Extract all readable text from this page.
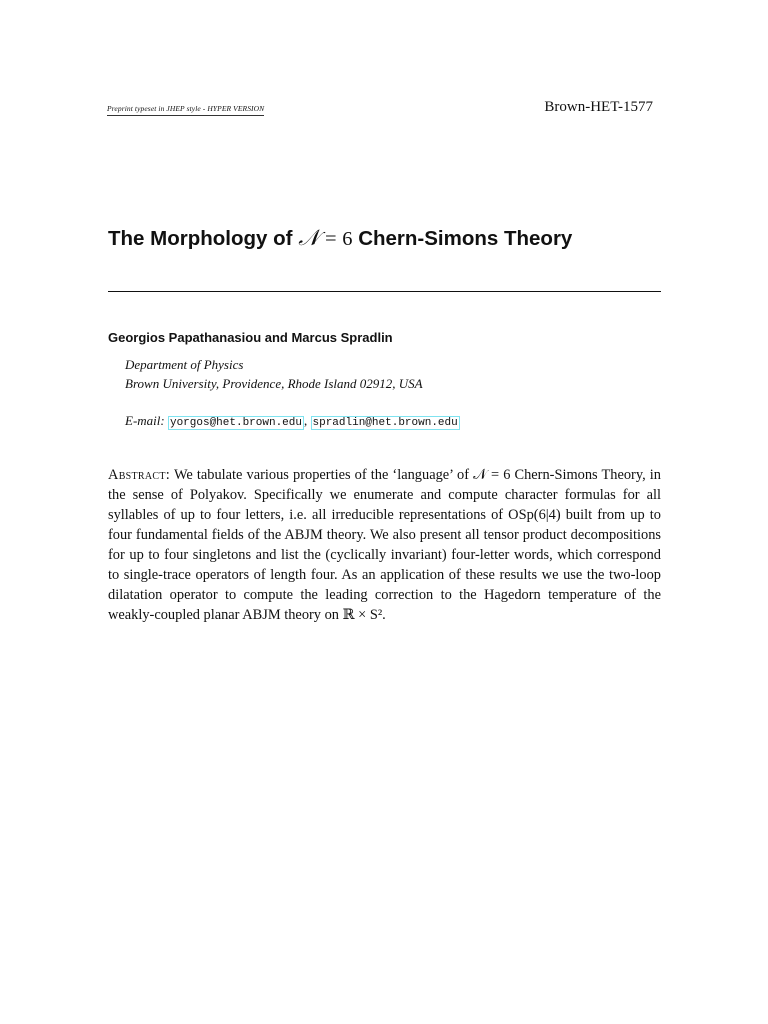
Preprint typeset in JHEP style - HYPER VERSION	Brown-HET-1577
The Morphology of 𝒩 = 6 Chern-Simons Theory
Georgios Papathanasiou and Marcus Spradlin
Department of Physics
Brown University, Providence, Rhode Island 02912, USA
E-mail: yorgos@het.brown.edu , spradlin@het.brown.edu

Abstract: We tabulate various properties of the ‘language’ of 𝒩 = 6 Chern-Simons Theory, in the sense of Polyakov. Specifically we enumerate and compute character formulas for all syllables of up to four letters, i.e. all irreducible representations of OSp(6|4) built from up to four fundamental fields of the ABJM theory. We also present all tensor product decompositions for up to four singletons and list the (cyclically invariant) four-letter words, which correspond to single-trace operators of length four. As an application of these results we use the two-loop dilatation operator to compute the leading correction to the Hagedorn temperature of the weakly-coupled planar ABJM theory on ℝ × S².
